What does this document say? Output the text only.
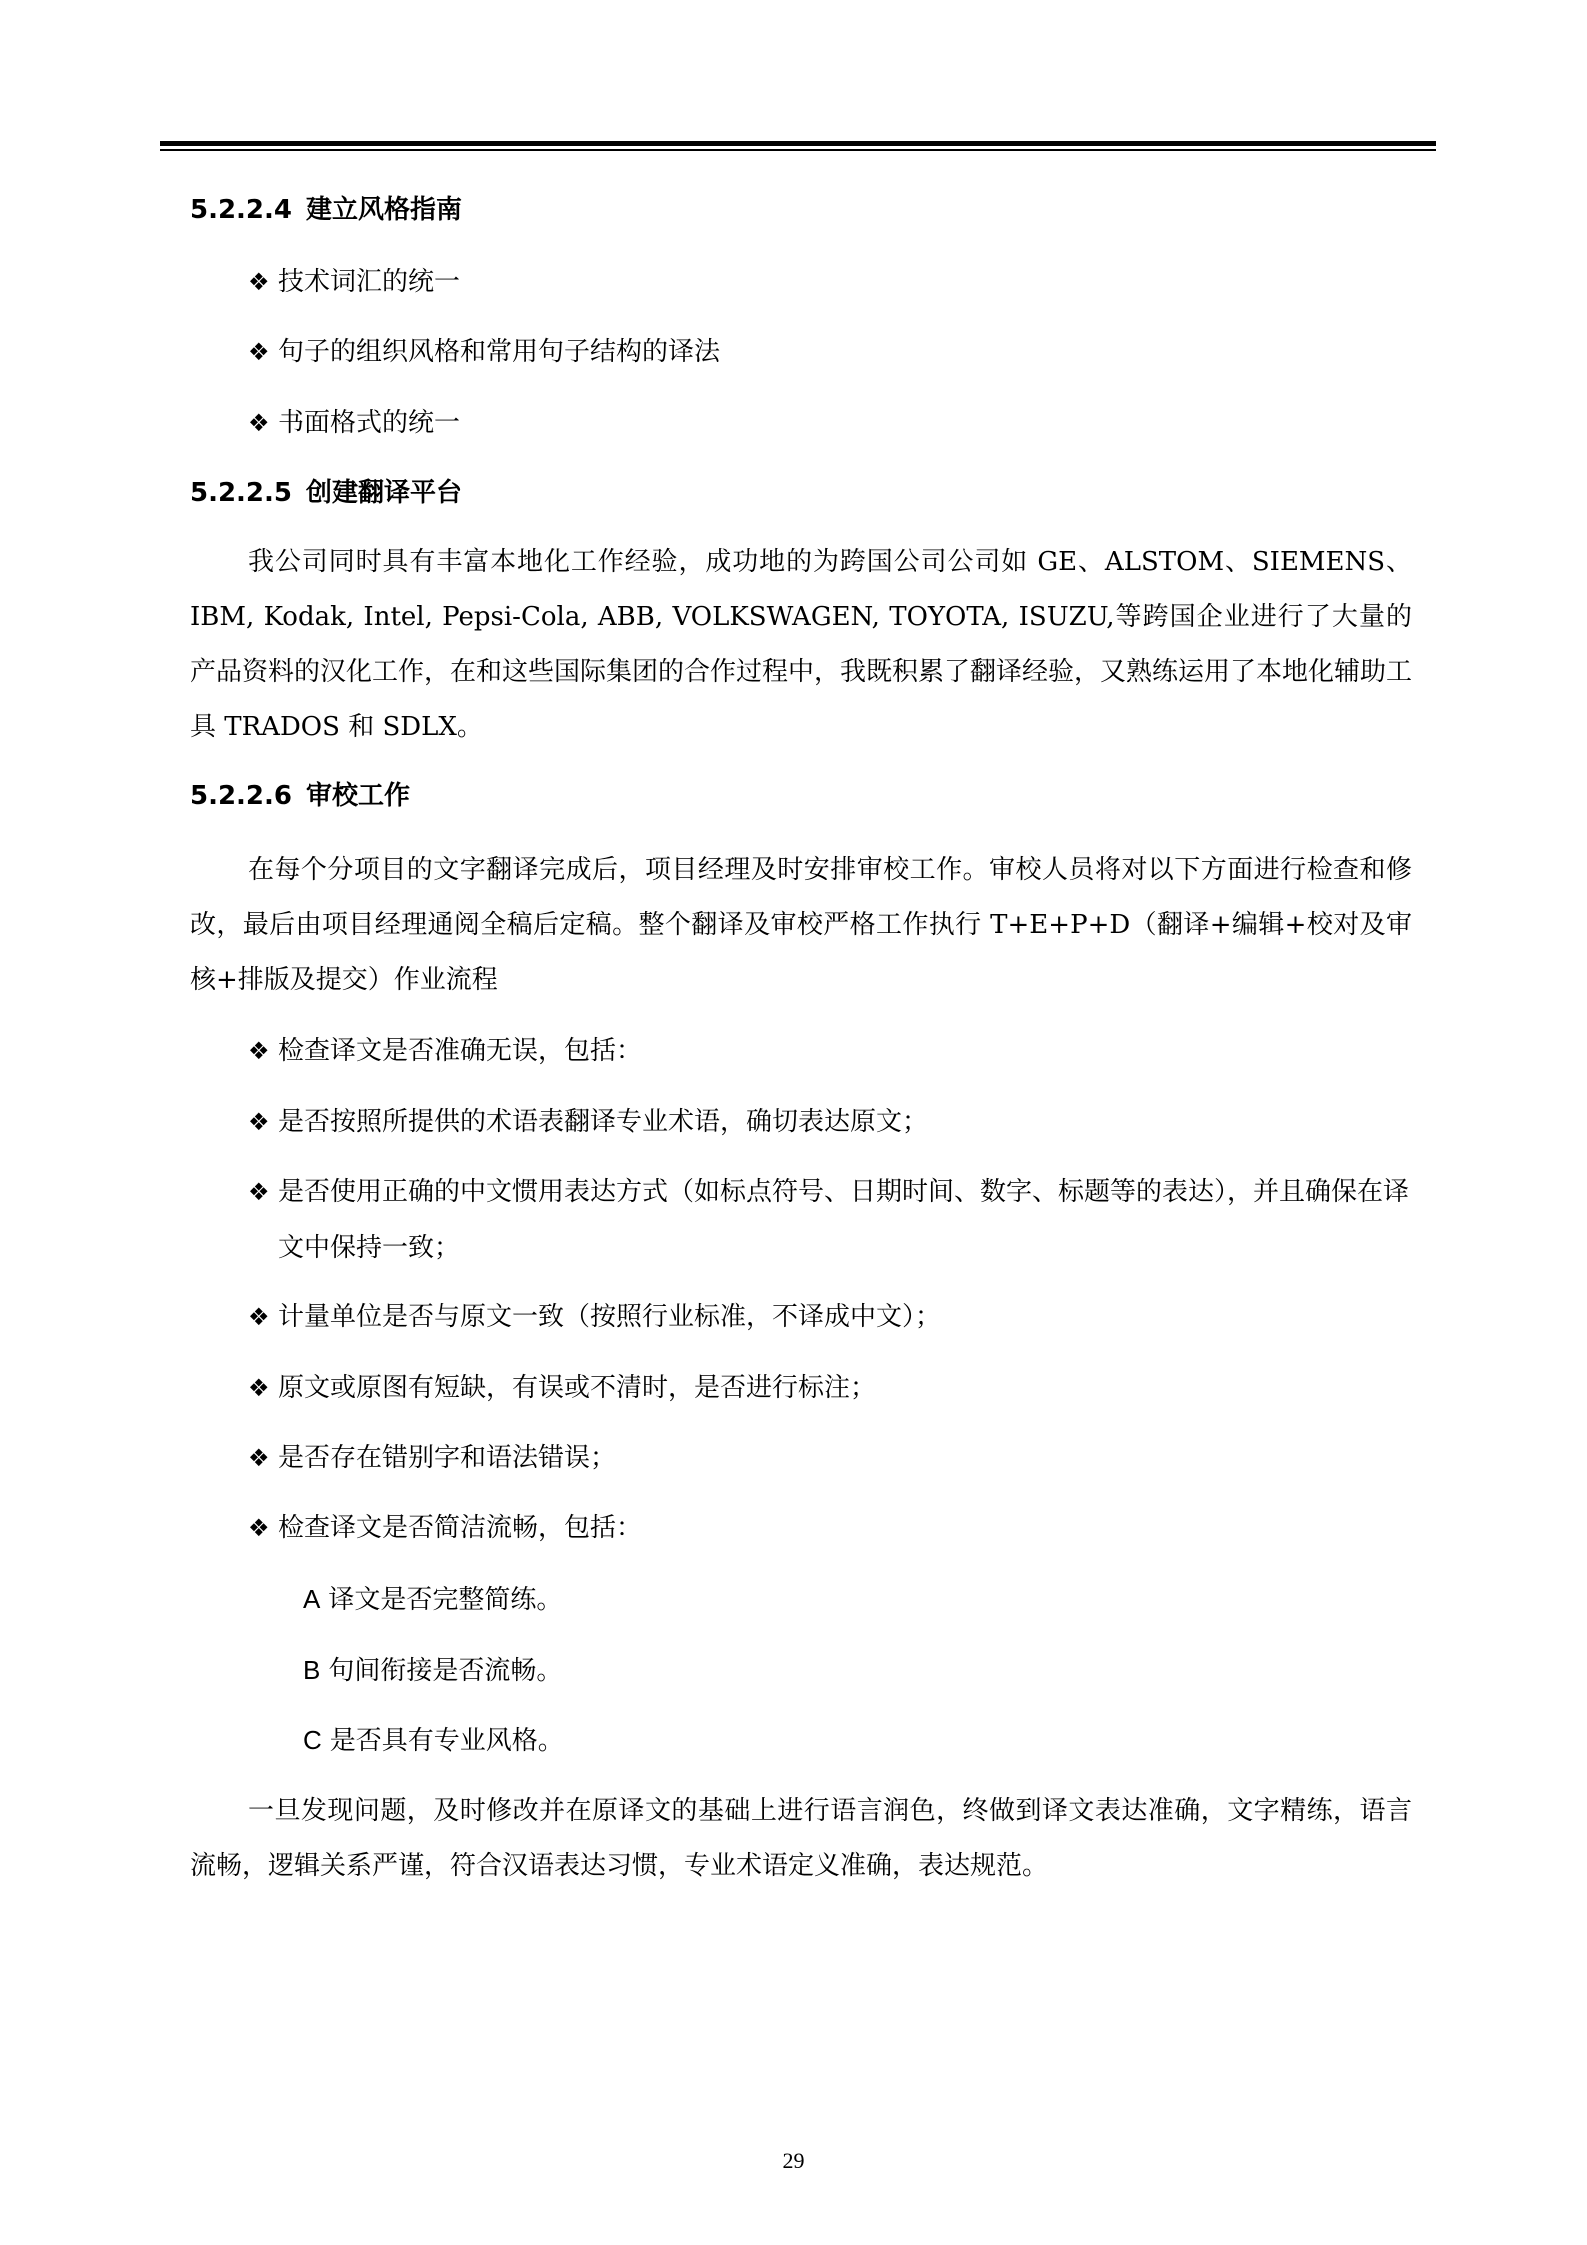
5.2.2.4 建立风格指南
❖ 技术词汇的统一
❖ 句子的组织风格和常用句子结构的译法
❖ 书面格式的统一
5.2.2.5 创建翻译平台
我公司同时具有丰富本地化工作经验，成功地的为跨国公司公司如 GE、ALSTOM、SIEMENS、IBM, Kodak, Intel, Pepsi-Cola, ABB, VOLKSWAGEN, TOYOTA, ISUZU,等跨国企业进行了大量的产品资料的汉化工作，在和这些国际集团的合作过程中，我既积累了翻译经验，又熟练运用了本地化辅助工具 TRADOS 和 SDLX。
5.2.2.6 审校工作
在每个分项目的文字翻译完成后，项目经理及时安排审校工作。审校人员将对以下方面进行检查和修改，最后由项目经理通阅全稿后定稿。整个翻译及审校严格工作执行 T+E+P+D（翻译+编辑+校对及审核+排版及提交）作业流程
❖ 检查译文是否准确无误，包括：
❖ 是否按照所提供的术语表翻译专业术语，确切表达原文；
❖ 是否使用正确的中文惯用表达方式（如标点符号、日期时间、数字、标题等的表达），并且确保在译文中保持一致；
❖ 计量单位是否与原文一致（按照行业标准，不译成中文）；
❖ 原文或原图有短缺，有误或不清时，是否进行标注；
❖ 是否存在错别字和语法错误；
❖ 检查译文是否简洁流畅，包括：
A 译文是否完整简练。
B 句间衔接是否流畅。
C 是否具有专业风格。
一旦发现问题，及时修改并在原译文的基础上进行语言润色，终做到译文表达准确，文字精练，语言流畅，逻辑关系严谨，符合汉语表达习惯，专业术语定义准确，表达规范。
29
